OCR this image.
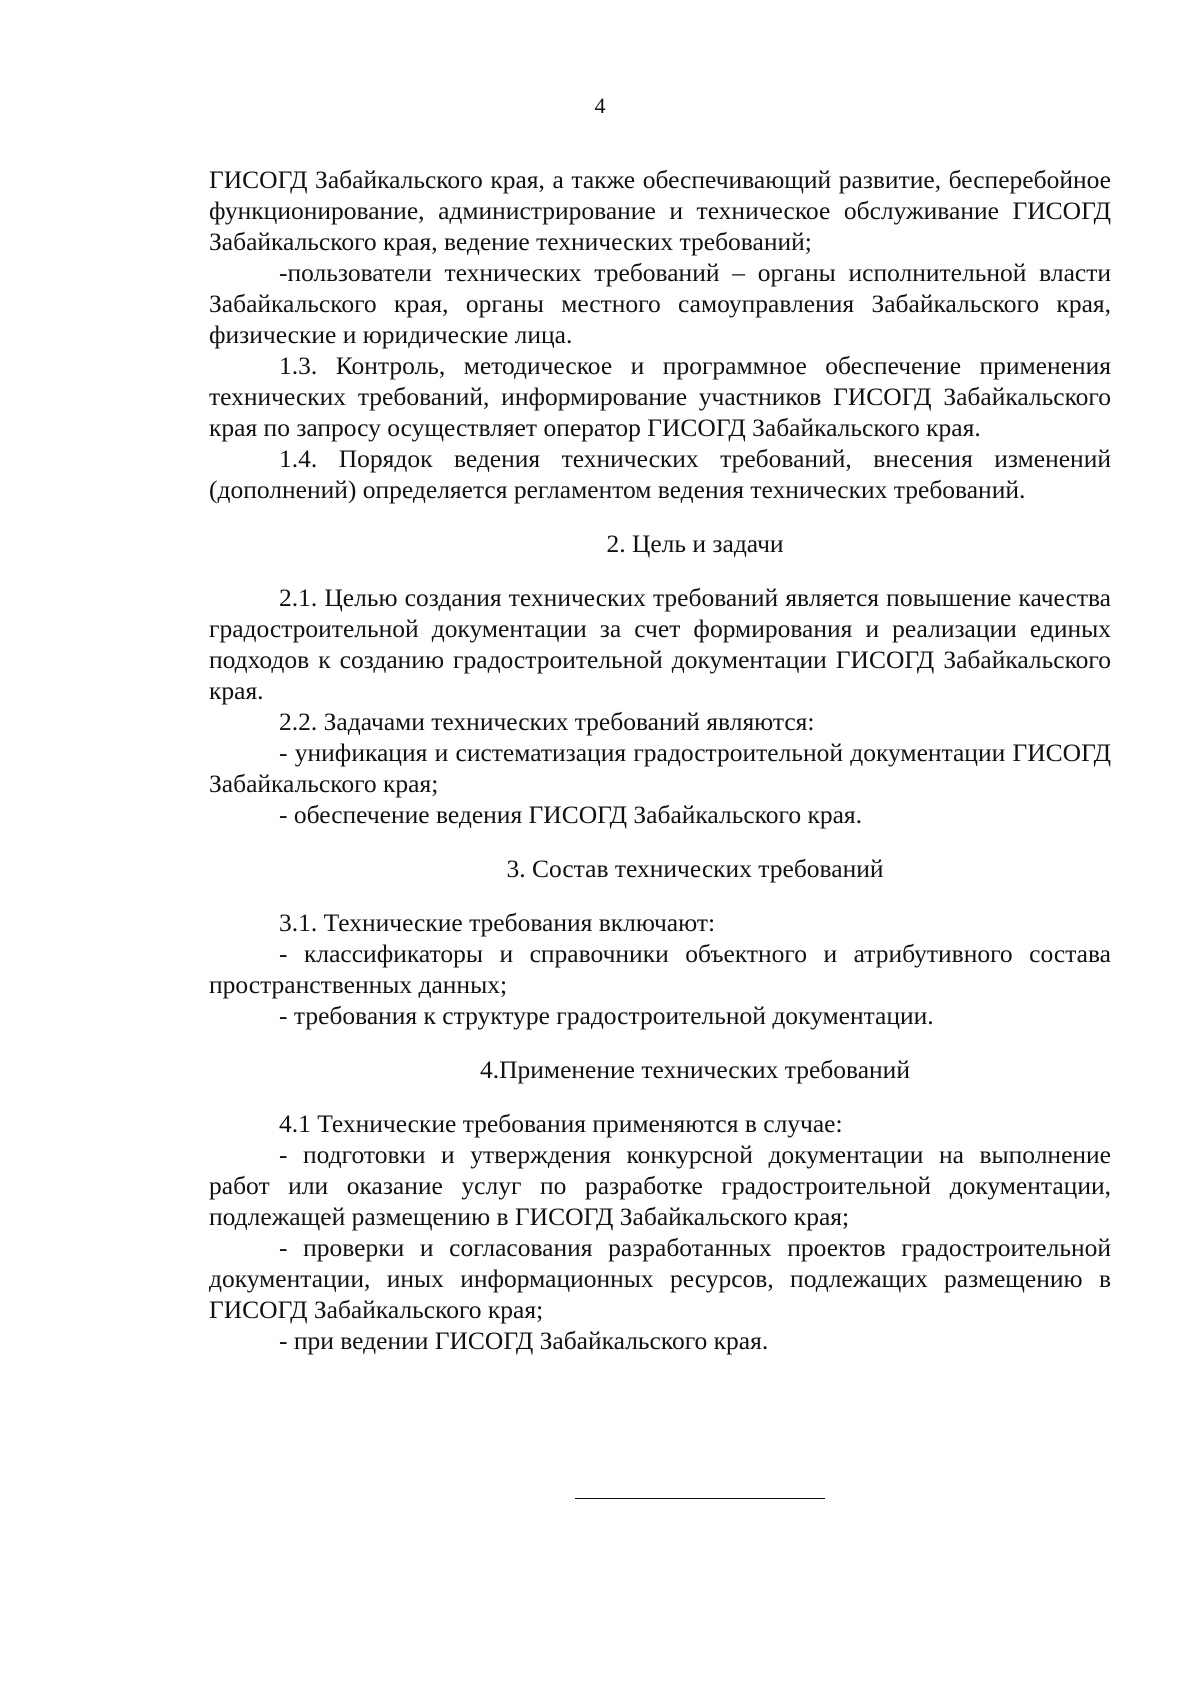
4

ГИСОГД Забайкальского края, а также обеспечивающий развитие, бесперебойное функционирование, администрирование и техническое обслуживание ГИСОГД Забайкальского края, ведение технических требований;

-пользователи технических требований – органы исполнительной власти Забайкальского края, органы местного самоуправления Забайкальского края, физические и юридические лица.

1.3. Контроль, методическое и программное обеспечение применения технических требований, информирование участников ГИСОГД Забайкальского края по запросу осуществляет оператор ГИСОГД Забайкальского края.

1.4. Порядок ведения технических требований, внесения изменений (дополнений) определяется регламентом ведения технических требований.

2. Цель и задачи

2.1. Целью создания технических требований является повышение качества градостроительной документации за счет формирования и реализации единых подходов к созданию градостроительной документации ГИСОГД Забайкальского края.

2.2. Задачами технических требований являются:

- унификация и систематизация градостроительной документации ГИСОГД Забайкальского края;

- обеспечение ведения ГИСОГД Забайкальского края.

3. Состав технических требований

3.1. Технические требования включают:

- классификаторы и справочники объектного и атрибутивного состава пространственных данных;

- требования к структуре градостроительной документации.

4.Применение технических требований

4.1 Технические требования применяются в случае:

- подготовки и утверждения конкурсной документации на выполнение работ или оказание услуг по разработке градостроительной документации, подлежащей размещению в ГИСОГД Забайкальского края;

- проверки и согласования разработанных проектов градостроительной документации, иных информационных ресурсов, подлежащих размещению в ГИСОГД Забайкальского края;

- при ведении ГИСОГД Забайкальского края.
